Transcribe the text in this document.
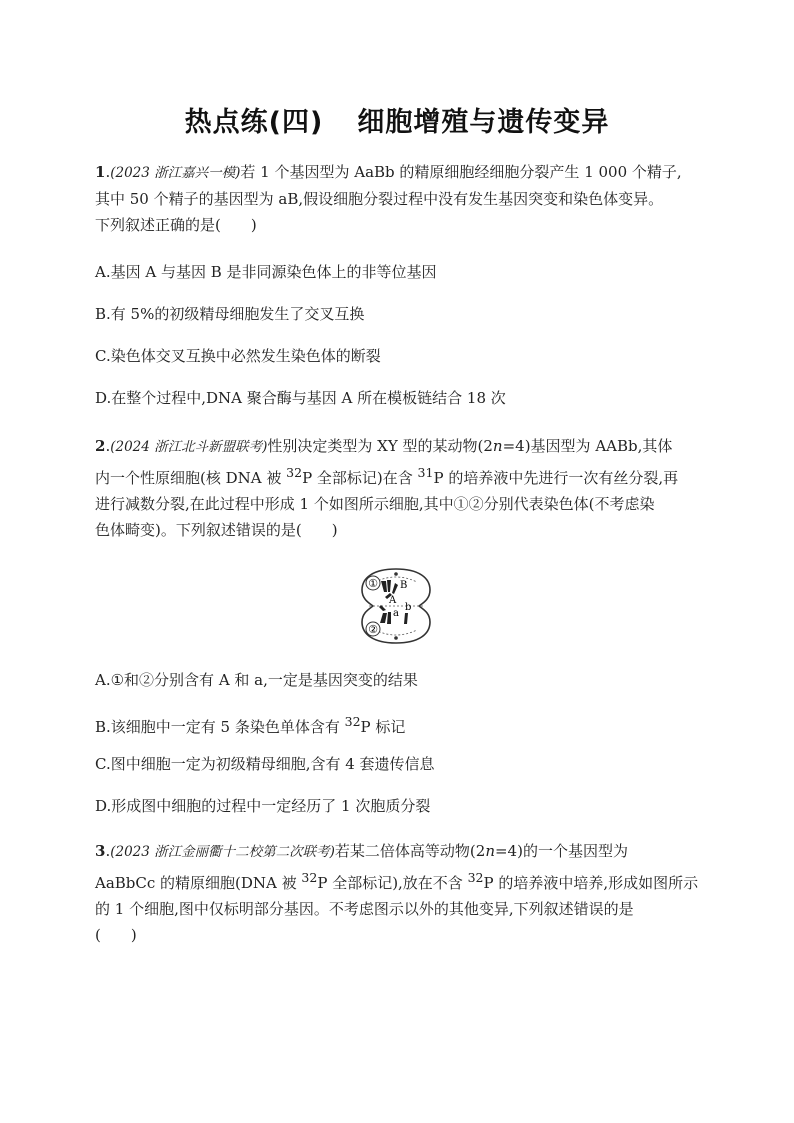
热点练(四) 细胞增殖与遗传变异
1.(2023 浙江嘉兴一模)若 1 个基因型为 AaBb 的精原细胞经细胞分裂产生 1 000 个精子,
其中 50 个精子的基因型为 aB,假设细胞分裂过程中没有发生基因突变和染色体变异。
下列叙述正确的是(　　)
A.基因 A 与基因 B 是非同源染色体上的非等位基因
B.有 5%的初级精母细胞发生了交叉互换
C.染色体交叉互换中必然发生染色体的断裂
D.在整个过程中,DNA 聚合酶与基因 A 所在模板链结合 18 次
2.(2024 浙江北斗新盟联考)性别决定类型为 XY 型的某动物(2n=4)基因型为 AABb,其体
内一个性原细胞(核 DNA 被 $^{32}$P 全部标记)在含 $^{31}$P 的培养液中先进行一次有丝分裂,再
进行减数分裂,在此过程中形成 1 个如图所示细胞,其中①②分别代表染色体(不考虑染
色体畸变)。下列叙述错误的是(　　)
①
②
B
A
a
b
A.①和②分别含有 A 和 a,一定是基因突变的结果
B.该细胞中一定有 5 条染色单体含有 $^{32}$P 标记
C.图中细胞一定为初级精母细胞,含有 4 套遗传信息
D.形成图中细胞的过程中一定经历了 1 次胞质分裂
3.(2023 浙江金丽衢十二校第二次联考)若某二倍体高等动物(2n=4)的一个基因型为
AaBbCc 的精原细胞(DNA 被 $^{32}$P 全部标记),放在不含 $^{32}$P 的培养液中培养,形成如图所示
的 1 个细胞,图中仅标明部分基因。不考虑图示以外的其他变异,下列叙述错误的是
(　　)
